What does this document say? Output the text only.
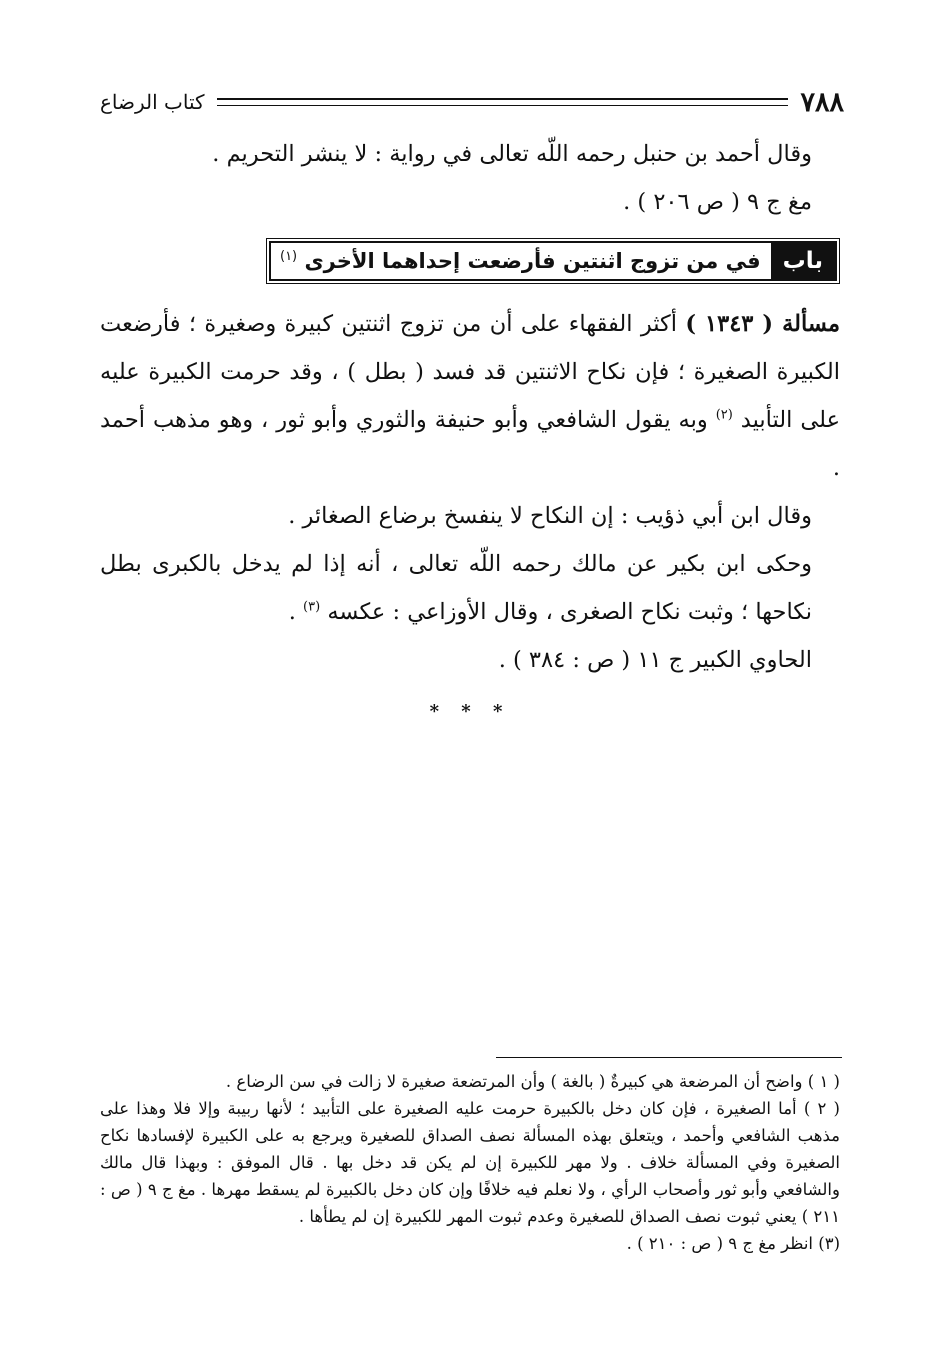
٧٨٨
كتاب الرضاع

وقال أحمد بن حنبل رحمه اللّه تعالى في رواية : لا ينشر التحريم .

مغ ج ٩ ( ص ٢٠٦ ) .

باب
في من تزوج اثنتين فأرضعت إحداهما الأخرى $^{(١)}$

مسألة ( ١٣٤٣ ) أكثر الفقهاء على أن من تزوج اثنتين كبيرة وصغيرة ؛ فأرضعت الكبيرة الصغيرة ؛ فإن نكاح الاثنتين قد فسد ( بطل ) ، وقد حرمت الكبيرة عليه على التأبيد $^{(٢)}$ وبه يقول الشافعي وأبو حنيفة والثوري وأبو ثور ، وهو مذهب أحمد .

وقال ابن أبي ذؤيب : إن النكاح لا ينفسخ برضاع الصغائر .

وحكى ابن بكير عن مالك رحمه اللّه تعالى ، أنه إذا لم يدخل بالكبرى بطل نكاحها ؛ وثبت نكاح الصغرى ، وقال الأوزاعي : عكسه $^{(٣)}$ .

الحاوي الكبير ج ١١ ( ص : ٣٨٤ ) .

* * *

( ١ ) واضح أن المرضعة هي كبيرةٌ ( بالغة ) وأن المرتضعة صغيرة لا زالت في سن الرضاع .

( ٢ ) أما الصغيرة ، فإن كان دخل بالكبيرة حرمت عليه الصغيرة على التأبيد ؛ لأنها ربيبة وإلا فلا وهذا على مذهب الشافعي وأحمد ، ويتعلق بهذه المسألة نصف الصداق للصغيرة ويرجع به على الكبيرة لإفسادها نكاح الصغيرة وفي المسألة خلاف . ولا مهر للكبيرة إن لم يكن قد دخل بها . قال الموفق : وبهذا قال مالك والشافعي وأبو ثور وأصحاب الرأي ، ولا نعلم فيه خلافًا وإن كان دخل بالكبيرة لم يسقط مهرها . مغ ج ٩ ( ص : ٢١١ ) يعني ثبوت نصف الصداق للصغيرة وعدم ثبوت المهر للكبيرة إن لم يطأها .

(٣) انظر مغ ج ٩ ( ص : ٢١٠ ) .
